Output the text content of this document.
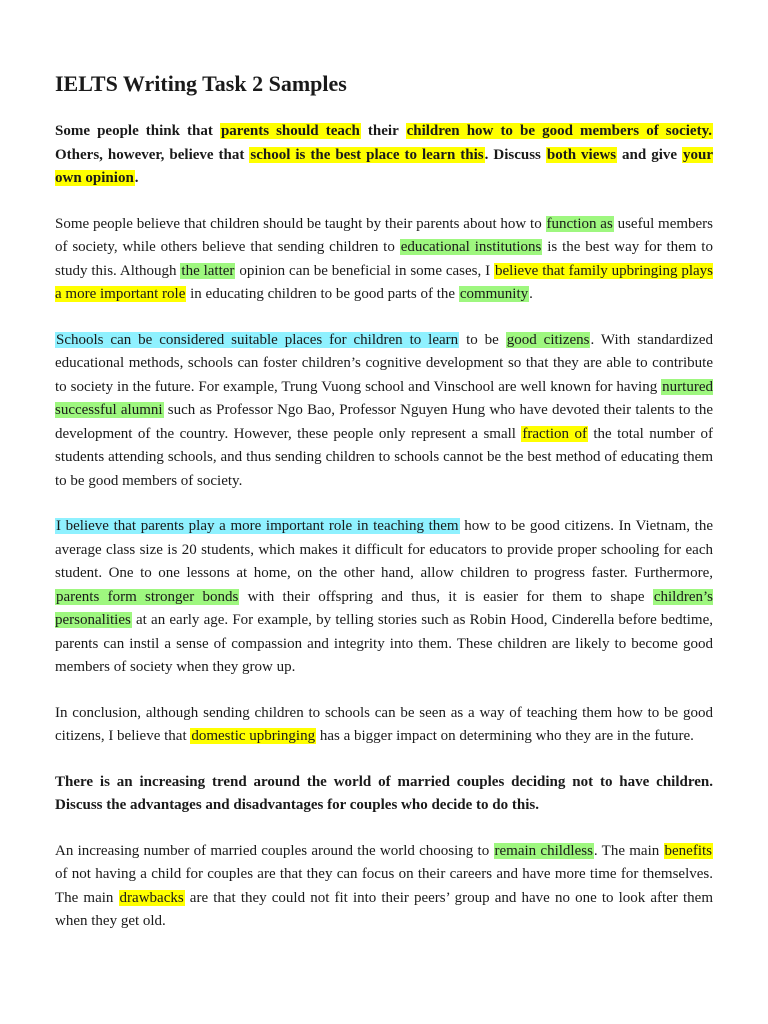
IELTS Writing Task 2 Samples

Some people think that parents should teach their children how to be good members of society. Others, however, believe that school is the best place to learn this. Discuss both views and give your own opinion.

Some people believe that children should be taught by their parents about how to function as useful members of society, while others believe that sending children to educational institutions is the best way for them to study this. Although the latter opinion can be beneficial in some cases, I believe that family upbringing plays a more important role in educating children to be good parts of the community.

Schools can be considered suitable places for children to learn to be good citizens. With standardized educational methods, schools can foster children’s cognitive development so that they are able to contribute to society in the future. For example, Trung Vuong school and Vinschool are well known for having nurtured successful alumni such as Professor Ngo Bao, Professor Nguyen Hung who have devoted their talents to the development of the country. However, these people only represent a small fraction of the total number of students attending schools, and thus sending children to schools cannot be the best method of educating them to be good members of society.

I believe that parents play a more important role in teaching them how to be good citizens. In Vietnam, the average class size is 20 students, which makes it difficult for educators to provide proper schooling for each student. One to one lessons at home, on the other hand, allow children to progress faster. Furthermore, parents form stronger bonds with their offspring and thus, it is easier for them to shape children’s personalities at an early age. For example, by telling stories such as Robin Hood, Cinderella before bedtime, parents can instil a sense of compassion and integrity into them. These children are likely to become good members of society when they grow up.

In conclusion, although sending children to schools can be seen as a way of teaching them how to be good citizens, I believe that domestic upbringing has a bigger impact on determining who they are in the future.

There is an increasing trend around the world of married couples deciding not to have children. Discuss the advantages and disadvantages for couples who decide to do this.

An increasing number of married couples around the world choosing to remain childless. The main benefits of not having a child for couples are that they can focus on their careers and have more time for themselves. The main drawbacks are that they could not fit into their peers’ group and have no one to look after them when they get old.
